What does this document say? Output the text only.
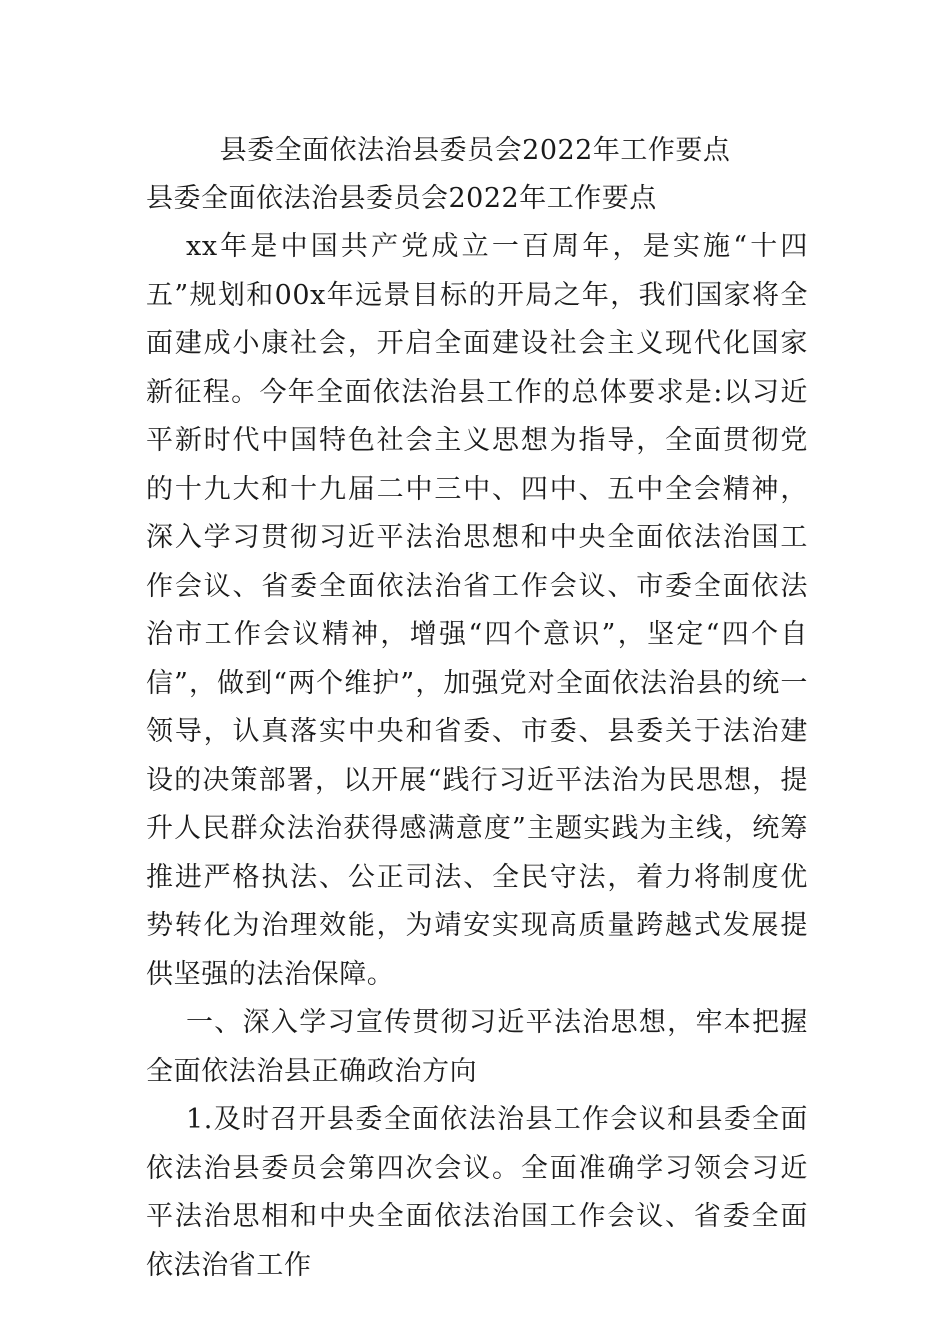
县委全面依法治县委员会2022年工作要点

县委全面依法治县委员会2022年工作要点

xx年是中国共产党成立一百周年，是实施“十四五”规划和00x年远景目标的开局之年，我们国家将全面建成小康社会，开启全面建设社会主义现代化国家新征程。今年全面依法治县工作的总体要求是:以习近平新时代中国特色社会主义思想为指导，全面贯彻党的十九大和十九届二中三中、四中、五中全会精神，深入学习贯彻习近平法治思想和中央全面依法治国工作会议、省委全面依法治省工作会议、市委全面依法治市工作会议精神，增强“四个意识”，坚定“四个自信”，做到“两个维护”，加强党对全面依法治县的统一领导，认真落实中央和省委、市委、县委关于法治建设的决策部署，以开展“践行习近平法治为民思想，提升人民群众法治获得感满意度”主题实践为主线，统筹推进严格执法、公正司法、全民守法，着力将制度优势转化为治理效能，为靖安实现高质量跨越式发展提供坚强的法治保障。

一、深入学习宣传贯彻习近平法治思想，牢本把握全面依法治县正确政治方向

1.及时召开县委全面依法治县工作会议和县委全面依法治县委员会第四次会议。全面准确学习领会习近平法治思相和中央全面依法治国工作会议、省委全面依法治省工作
